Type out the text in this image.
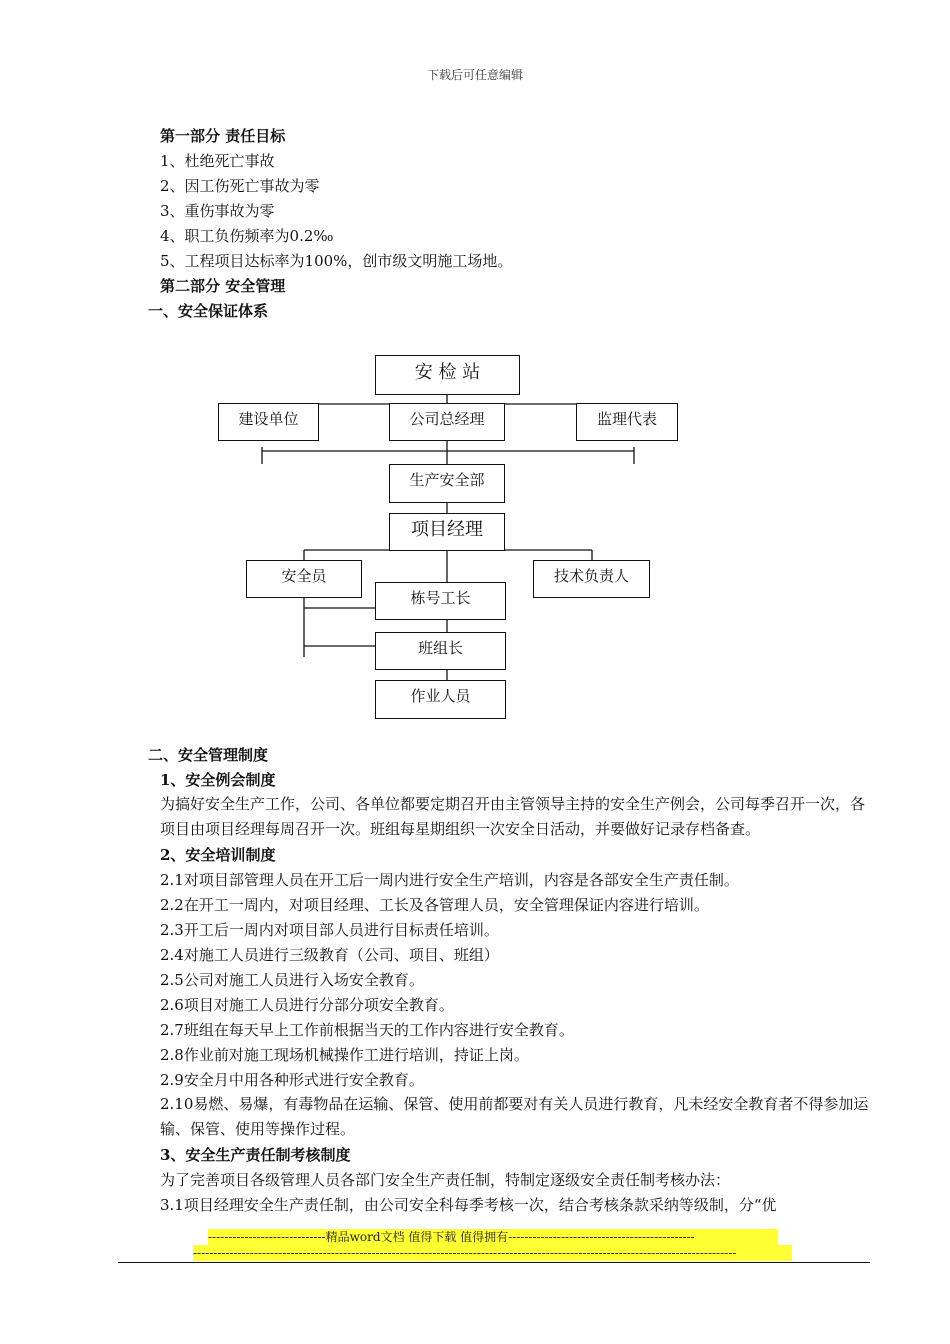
下载后可任意编辑
第一部分 责任目标
1、杜绝死亡事故
2、因工伤死亡事故为零
3、重伤事故为零
4、职工负伤频率为0.2‰
5、工程项目达标率为100%，创市级文明施工场地。
第二部分 安全管理
一、安全保证体系
安 检 站
建设单位	公司总经理	监理代表
生产安全部
项目经理
安全员	技术负责人
栋号工长
班组长
作业人员
二、安全管理制度
1、安全例会制度
为搞好安全生产工作，公司、各单位都要定期召开由主管领导主持的安全生产例会，公司每季召开一次，各项目由项目经理每周召开一次。班组每星期组织一次安全日活动，并要做好记录存档备查。
2、安全培训制度
2.1对项目部管理人员在开工后一周内进行安全生产培训，内容是各部安全生产责任制。
2.2在开工一周内，对项目经理、工长及各管理人员，安全管理保证内容进行培训。
2.3开工后一周内对项目部人员进行目标责任培训。
2.4对施工人员进行三级教育（公司、项目、班组）
2.5公司对施工人员进行入场安全教育。
2.6项目对施工人员进行分部分项安全教育。
2.7班组在每天早上工作前根据当天的工作内容进行安全教育。
2.8作业前对施工现场机械操作工进行培训，持证上岗。
2.9安全月中用各种形式进行安全教育。
2.10易燃、易爆，有毒物品在运输、保管、使用前都要对有关人员进行教育，凡未经安全教育者不得参加运输、保管、使用等操作过程。
3、安全生产责任制考核制度
为了完善项目各级管理人员各部门安全生产责任制，特制定逐级安全责任制考核办法：
3.1项目经理安全生产责任制，由公司安全科每季考核一次，结合考核条款采纳等级制，分“优
-----------------------------精品word文档 值得下载 值得拥有----------------------------------------------
--------------------------------------------------------------------------------------------------------------------------------------
